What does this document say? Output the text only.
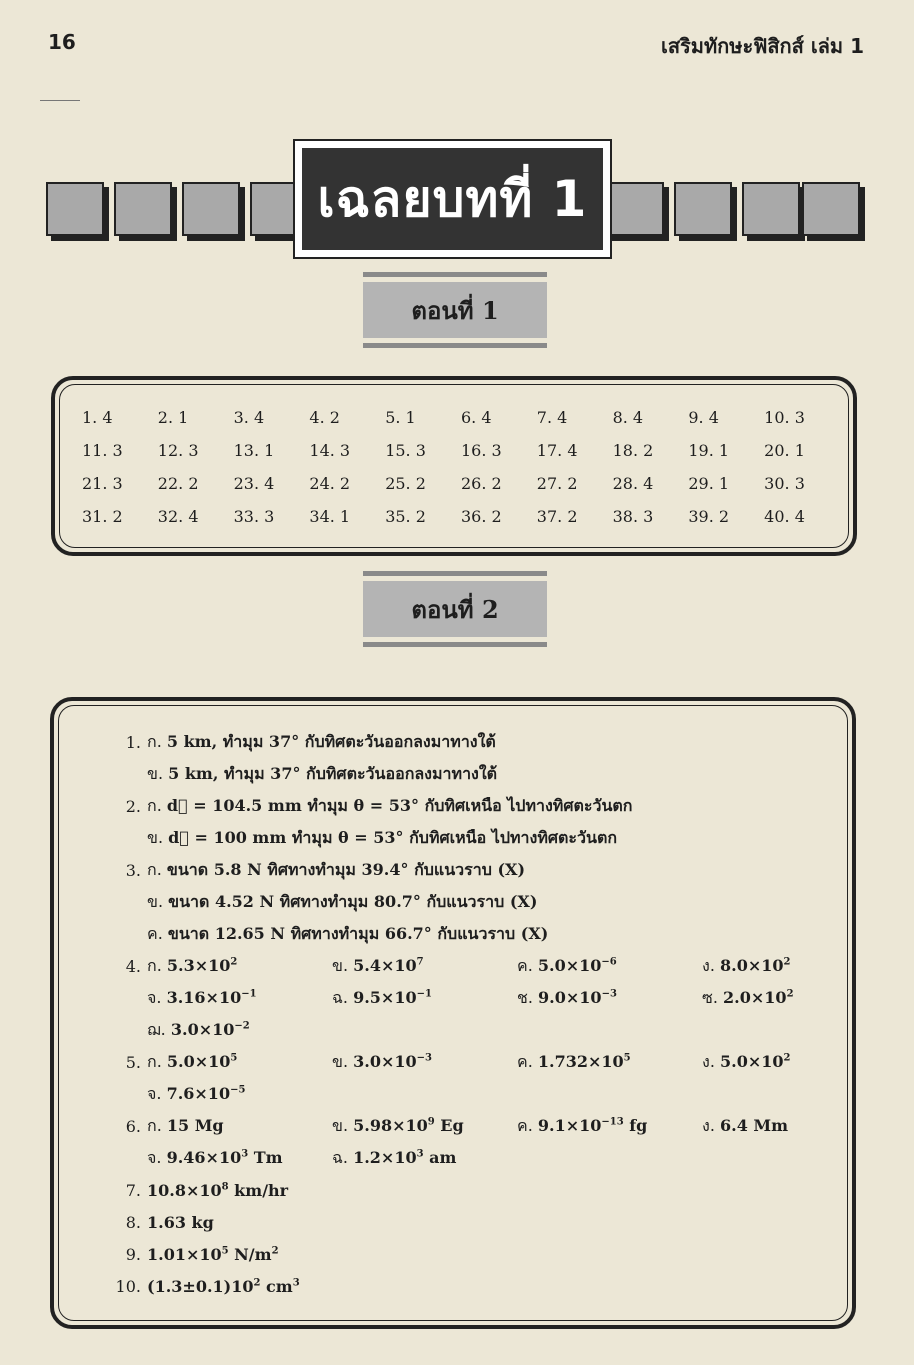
16	เสริมทักษะฟิสิกส์ เล่ม 1
เฉลยบทที่ 1
ตอนที่ 1
1. 4	2. 1	3. 4	4. 2	5. 1	6. 4	7. 4	8. 4	9. 4	10. 3
11. 3	12. 3	13. 1	14. 3	15. 3	16. 3	17. 4	18. 2	19. 1	20. 1
21. 3	22. 2	23. 4	24. 2	25. 2	26. 2	27. 2	28. 4	29. 1	30. 3
31. 2	32. 4	33. 3	34. 1	35. 2	36. 2	37. 2	38. 3	39. 2	40. 4
ตอนที่ 2
1. ก. 5 km, ทำมุม 37° กับทิศตะวันออกลงมาทางใต้
ข. 5 km, ทำมุม 37° กับทิศตะวันออกลงมาทางใต้
2. ก. d⃗ = 104.5 mm ทำมุม θ = 53° กับทิศเหนือ ไปทางทิศตะวันตก
ข. d⃗ = 100 mm ทำมุม θ = 53° กับทิศเหนือ ไปทางทิศตะวันตก
3. ก. ขนาด 5.8 N ทิศทางทำมุม 39.4° กับแนวราบ (X)
ข. ขนาด 4.52 N ทิศทางทำมุม 80.7° กับแนวราบ (X)
ค. ขนาด 12.65 N ทิศทางทำมุม 66.7° กับแนวราบ (X)
4. ก. $5.3\times 10^2$	ข. $5.4\times 10^7$	ค. $5.0\times 10^{-6}$	ง. $8.0\times 10^2$
จ. $3.16\times 10^{-1}$	ฉ. $9.5\times 10^{-1}$	ช. $9.0\times 10^{-3}$	ซ. $2.0\times 10^2$
ฌ. $3.0\times 10^{-2}$
5. ก. $5.0\times 10^5$	ข. $3.0\times 10^{-3}$	ค. $1.732\times 10^5$	ง. $5.0\times 10^2$
จ. $7.6\times 10^{-5}$
6. ก. 15 Mg	ข. $5.98\times 10^9$ Eg	ค. $9.1\times 10^{-13}$ fg	ง. 6.4 Mm
จ. $9.46\times 10^3$ Tm	ฉ. $1.2\times 10^3$ am
7. $10.8\times 10^8$ km/hr
8. 1.63 kg
9. $1.01\times 10^5$ $N/m^2$
10. $(1.3\pm 0.1)10^2$ $cm^3$
